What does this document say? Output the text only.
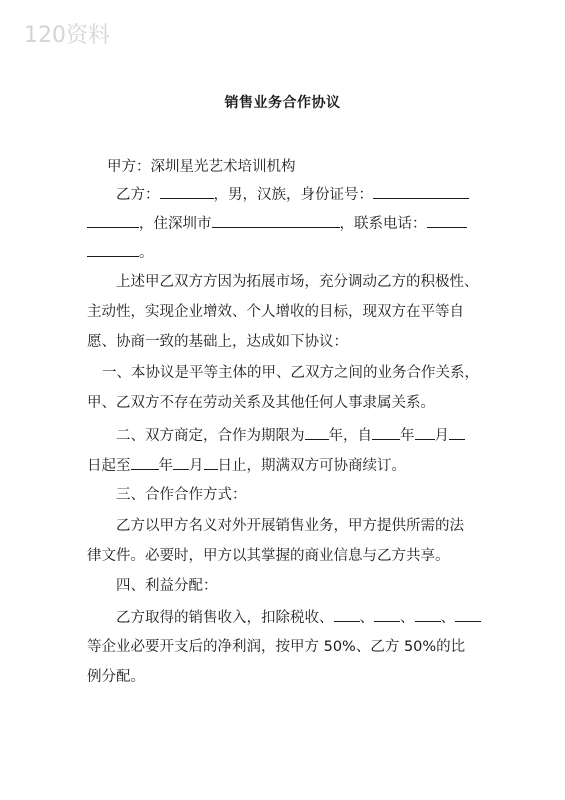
120资料
销售业务合作协议
甲方：深圳星光艺术培训机构
乙方：	，男，汉族，身份证号：
，住深圳市	，联系电话：
。
上述甲乙双方方因为拓展市场，充分调动乙方的积极性、
主动性，实现企业增效、个人增收的目标，现双方在平等自
愿、协商一致的基础上，达成如下协议：
一、本协议是平等主体的甲、乙双方之间的业务合作关系，
甲、乙双方不存在劳动关系及其他任何人事隶属关系。
二、双方商定，合作为期限为 年，自 年 月
日起至 年 月 日止，期满双方可协商续订。
三、合作合作方式：
乙方以甲方名义对外开展销售业务，甲方提供所需的法
律文件。必要时，甲方以其掌握的商业信息与乙方共享。
四、利益分配：
乙方取得的销售收入，扣除税收、 、 、 、
等企业必要开支后的净利润，按甲方 50%、乙方 50%的比
例分配。
